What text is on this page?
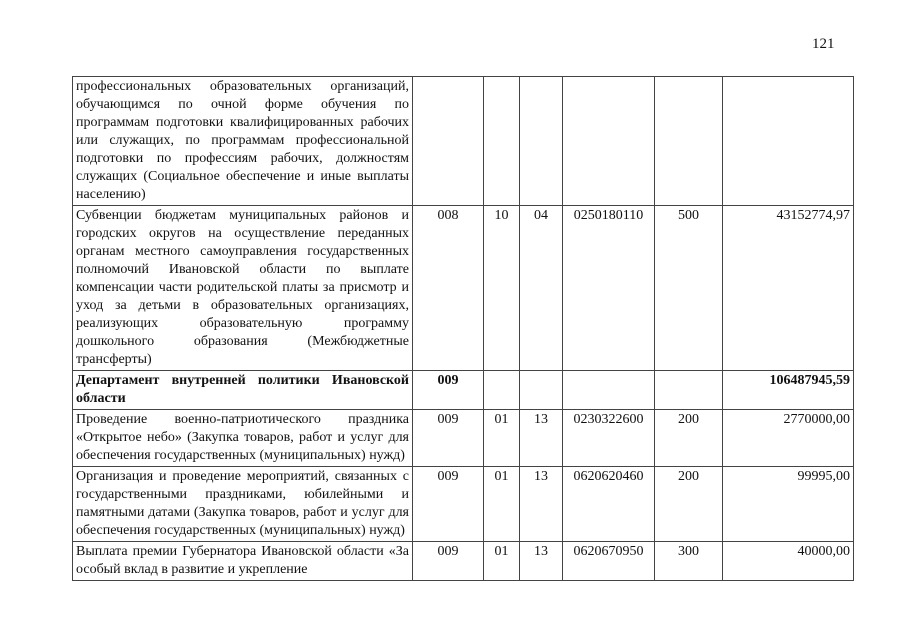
121
профессиональных образовательных организаций, обучающимся по очной форме обучения по программам подготовки квалифицированных рабочих или служащих, по программам профессиональной подготовки по профессиям рабочих, должностям служащих (Социальное обеспечение и иные выплаты населению)						
Субвенции бюджетам муниципальных районов и городских округов на осуществление переданных органам местного самоуправления государственных полномочий Ивановской области по выплате компенсации части родительской платы за присмотр и уход за детьми в образовательных организациях, реализующих образовательную программу дошкольного образования (Межбюджетные трансферты)	008	10	04	0250180110	500	43152774,97
Департамент внутренней политики Ивановской области	009					106487945,59
Проведение военно-патриотического праздника «Открытое небо» (Закупка товаров, работ и услуг для обеспечения государственных (муниципальных) нужд)	009	01	13	0230322600	200	2770000,00
Организация и проведение мероприятий, связанных с государственными праздниками, юбилейными и памятными датами (Закупка товаров, работ и услуг для обеспечения государственных (муниципальных) нужд)	009	01	13	0620620460	200	99995,00

Выплата премии Губернатора Ивановской области «За особый вклад в развитие и укрепление	009	01	13	0620670950	300	40000,00
